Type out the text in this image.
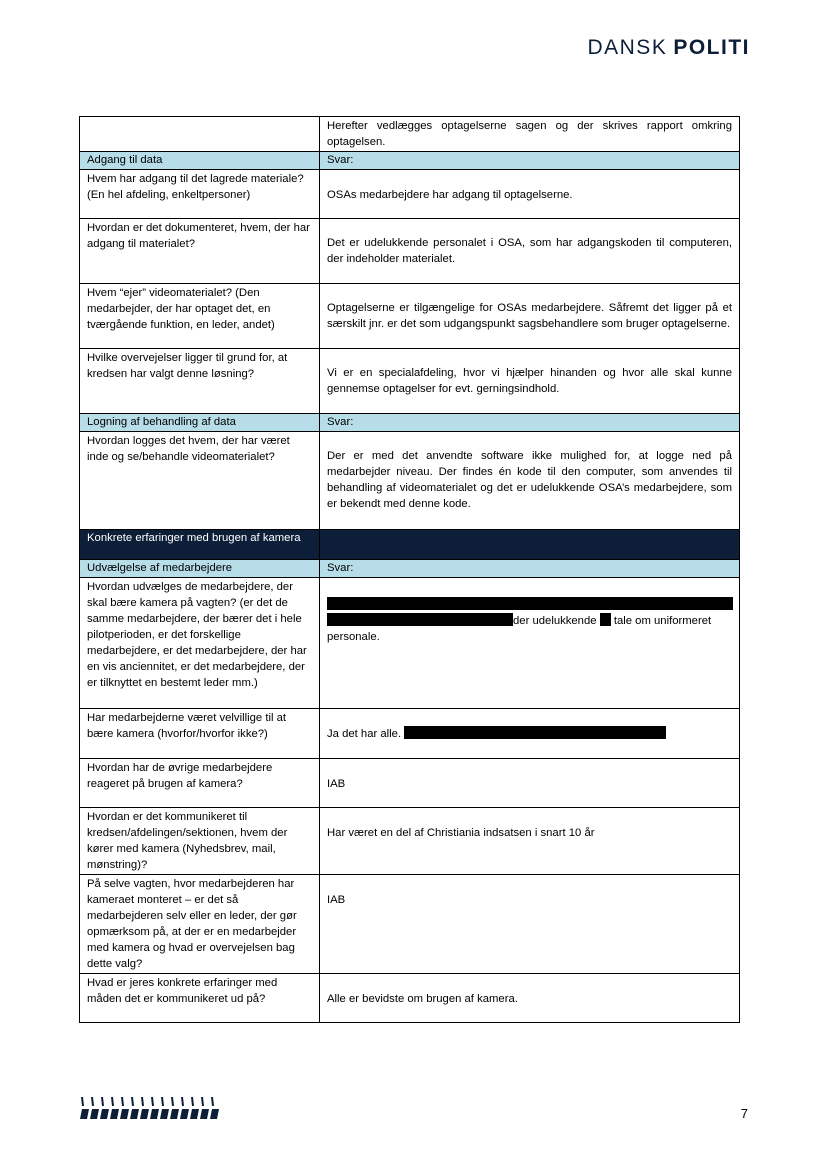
DANSK POLITI
	Herefter vedlægges optagelserne sagen og der skrives rapport omkring optagelsen.
Adgang til data	Svar:
Hvem har adgang til det lagrede materiale? (En hel afdeling, enkeltpersoner)	OSAs medarbejdere har adgang til optagelserne.

Hvordan er det dokumenteret, hvem, der har adgang til materialet?	Det er udelukkende personalet i OSA, som har adgangskoden til computeren, der indeholder materialet.

Hvem “ejer” videomaterialet? (Den medarbejder, der har optaget det, en tværgående funktion, en leder, andet)	Optagelserne er tilgængelige for OSAs medarbejdere. Såfremt det ligger på et særskilt jnr. er det som udgangspunkt sagsbehandlere som bruger optagelserne.

Hvilke overvejelser ligger til grund for, at kredsen har valgt denne løsning?	Vi er en specialafdeling, hvor vi hjælper hinanden og hvor alle skal kunne gennemse optagelser for evt. gerningsindhold.

Logning af behandling af data	Svar:
Hvordan logges det hvem, der har været inde og se/behandle videomaterialet?	Der er med det anvendte software ikke mulighed for, at logge ned på medarbejder niveau. Der findes én kode til den computer, som anvendes til behandling af videomaterialet og det er udelukkende OSA’s medarbejdere, som er bekendt med denne kode.

Konkrete erfaringer med brugen af kamera	
Udvælgelse af medarbejdere	Svar:
Hvordan udvælges de medarbejdere, der skal bære kamera på vagten? (er det de samme medarbejdere, der bærer det i hele pilotperioden, er det forskellige medarbejdere, er det medarbejdere, der har en vis anciennitet, er det medarbejdere, der er tilknyttet en bestemt leder mm.)	der udelukkende tale om uniformeret personale.

Har medarbejderne været velvillige til at bære kamera (hvorfor/hvorfor ikke?)	Ja det har alle.

Hvordan har de øvrige medarbejdere reageret på brugen af kamera?	IAB

Hvordan er det kommunikeret til kredsen/afdelingen/sektionen, hvem der kører med kamera (Nyhedsbrev, mail, mønstring)?	Har været en del af Christiania indsatsen i snart 10 år

På selve vagten, hvor medarbejderen har kameraet monteret – er det så medarbejderen selv eller en leder, der gør opmærksom på, at der er en medarbejder med kamera og hvad er overvejelsen bag dette valg?	IAB

Hvad er jeres konkrete erfaringer med måden det er kommunikeret ud på?	Alle er bevidste om brugen af kamera.
7
